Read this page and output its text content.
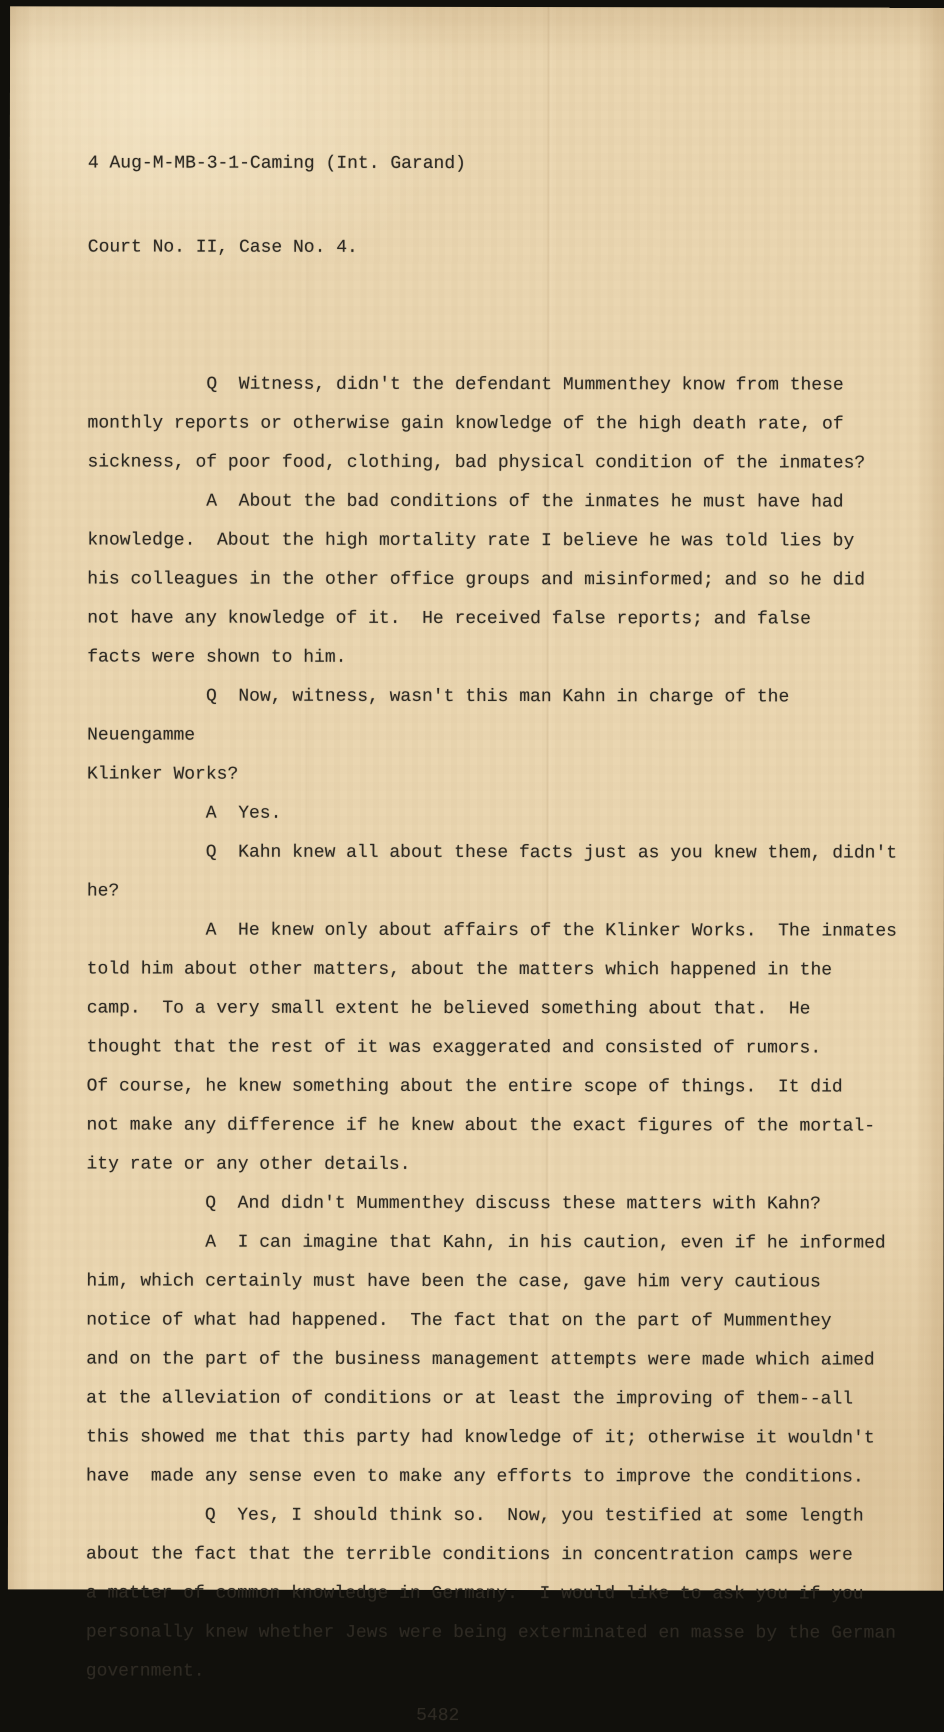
4 Aug-M-MB-3-1-Caming (Int. Garand)

Court No. II, Case No. 4.

Q  Witness, didn't the defendant Mummenthey know from these
monthly reports or otherwise gain knowledge of the high death rate, of
sickness, of poor food, clothing, bad physical condition of the inmates?

A  About the bad conditions of the inmates he must have had
knowledge.  About the high mortality rate I believe he was told lies by
his colleagues in the other office groups and misinformed; and so he did
not have any knowledge of it.  He received false reports; and false
facts were shown to him.

Q  Now, witness, wasn't this man Kahn in charge of the Neuengamme
Klinker Works?

A  Yes.

Q  Kahn knew all about these facts just as you knew them, didn't
he?

A  He knew only about affairs of the Klinker Works.  The inmates
told him about other matters, about the matters which happened in the
camp.  To a very small extent he believed something about that.  He
thought that the rest of it was exaggerated and consisted of rumors.
Of course, he knew something about the entire scope of things.  It did
not make any difference if he knew about the exact figures of the mortal-
ity rate or any other details.

Q  And didn't Mummenthey discuss these matters with Kahn?

A  I can imagine that Kahn, in his caution, even if he informed
him, which certainly must have been the case, gave him very cautious
notice of what had happened.  The fact that on the part of Mummenthey
and on the part of the business management attempts were made which aimed
at the alleviation of conditions or at least the improving of them--all
this showed me that this party had knowledge of it; otherwise it wouldn't
have  made any sense even to make any efforts to improve the conditions.

Q  Yes, I should think so.  Now, you testified at some length
about the fact that the terrible conditions in concentration camps were
a matter of common knowledge in Germany.  I would like to ask you if you
personally knew whether Jews were being exterminated en masse by the German
government.

5482
